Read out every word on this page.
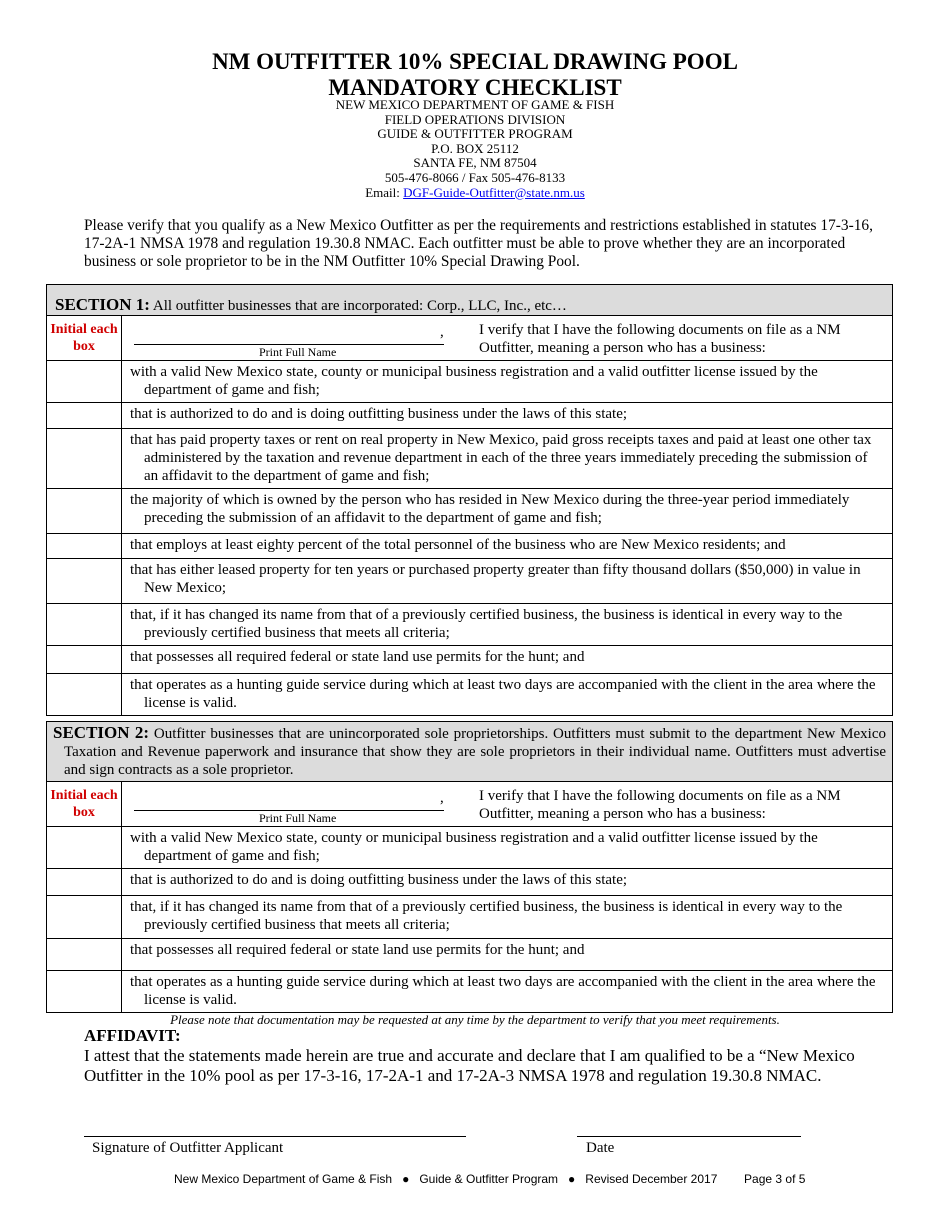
NM OUTFITTER 10% SPECIAL DRAWING POOL
MANDATORY CHECKLIST
NEW MEXICO DEPARTMENT OF GAME & FISH
FIELD OPERATIONS DIVISION
GUIDE & OUTFITTER PROGRAM
P.O. BOX 25112
SANTA FE, NM 87504
505-476-8066 / Fax 505-476-8133
Email: DGF-Guide-Outfitter@state.nm.us
Please verify that you qualify as a New Mexico Outfitter as per the requirements and restrictions established in statutes 17-3-16, 17-2A-1 NMSA 1978 and regulation 19.30.8 NMAC. Each outfitter must be able to prove whether they are an incorporated business or sole proprietor to be in the NM Outfitter 10% Special Drawing Pool.
SECTION 1: All outfitter businesses that are incorporated: Corp., LLC, Inc., etc…	
Initial each box	,
Print Full Name
I verify that I have the following documents on file as a NM Outfitter, meaning a person who has a business:

	with a valid New Mexico state, county or municipal business registration and a valid outfitter license issued by the department of game and fish;

	that is authorized to do and is doing outfitting business under the laws of this state;

	that has paid property taxes or rent on real property in New Mexico, paid gross receipts taxes and paid at least one other tax administered by the taxation and revenue department in each of the three years immediately preceding the submission of an affidavit to the department of game and fish;

	the majority of which is owned by the person who has resided in New Mexico during the three-year period immediately preceding the submission of an affidavit to the department of game and fish;

	that employs at least eighty percent of the total personnel of the business who are New Mexico residents; and

	that has either leased property for ten years or purchased property greater than fifty thousand dollars ($50,000) in value in New Mexico;

	that, if it has changed its name from that of a previously certified business, the business is identical in every way to the previously certified business that meets all criteria;

	that possesses all required federal or state land use permits for the hunt; and

	that operates as a hunting guide service during which at least two days are accompanied with the client in the area where the license is valid.
SECTION 2: Outfitter businesses that are unincorporated sole proprietorships. Outfitters must submit to the department New Mexico Taxation and Revenue paperwork and insurance that show they are sole proprietors in their individual name. Outfitters must advertise and sign contracts as a sole proprietor.	

Initial each box	,
Print Full Name
I verify that I have the following documents on file as a NM Outfitter, meaning a person who has a business:

	with a valid New Mexico state, county or municipal business registration and a valid outfitter license issued by the department of game and fish;

	that is authorized to do and is doing outfitting business under the laws of this state;

	that, if it has changed its name from that of a previously certified business, the business is identical in every way to the previously certified business that meets all criteria;

	that possesses all required federal or state land use permits for the hunt; and

	that operates as a hunting guide service during which at least two days are accompanied with the client in the area where the license is valid.
Please note that documentation may be requested at any time by the department to verify that you meet requirements.
AFFIDAVIT:
I attest that the statements made herein are true and accurate and declare that I am qualified to be a “New Mexico Outfitter in the 10% pool as per 17-3-16, 17-2A-1 and 17-2A-3 NMSA 1978 and regulation 19.30.8 NMAC.
Signature of Outfitter Applicant	Date
New Mexico Department of Game & Fish   ●   Guide & Outfitter Program   ●   Revised December 2017        Page 3 of 5
